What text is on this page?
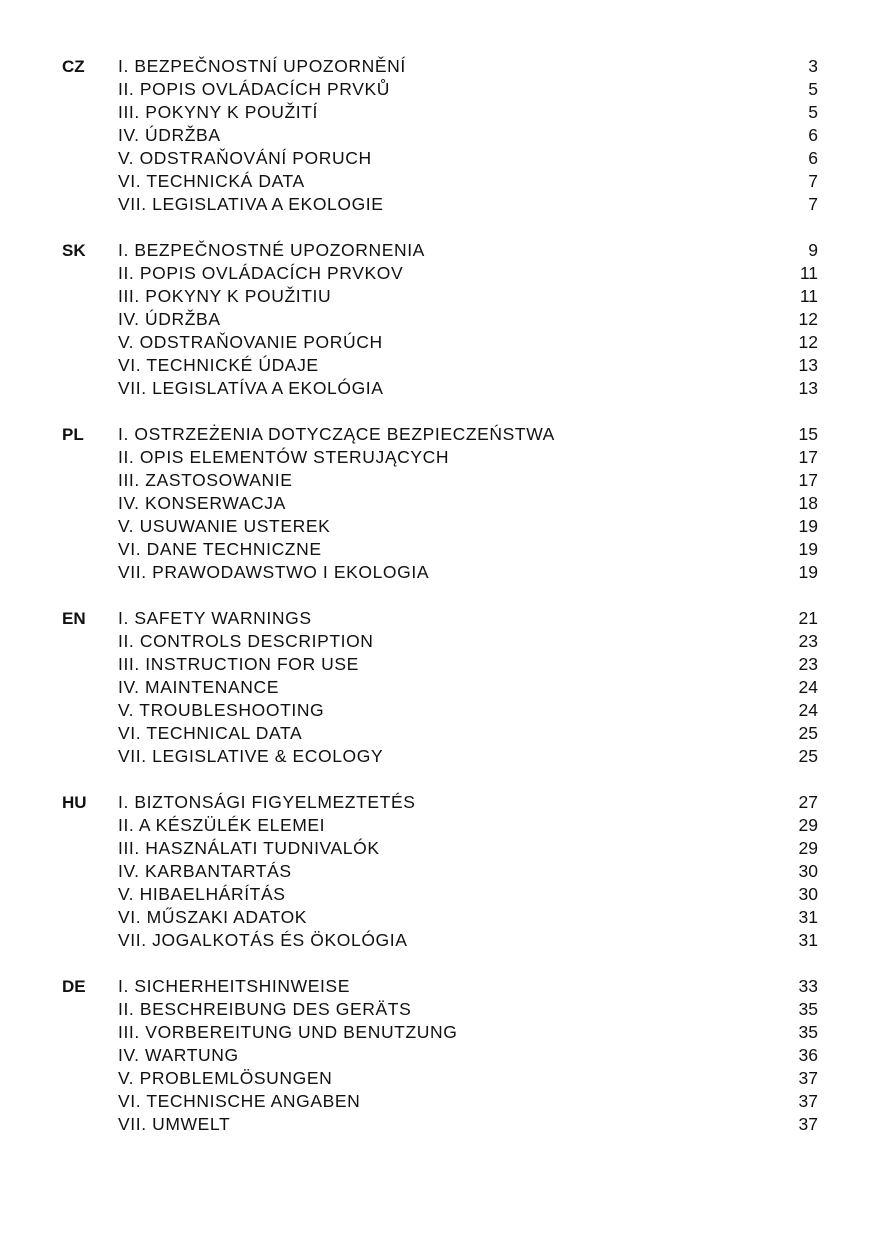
CZ I. BEZPEČNOSTNÍ UPOZORNĚNÍ	3
II. POPIS OVLÁDACÍCH PRVKŮ	5
III. POKYNY K POUŽITÍ	5
IV. ÚDRŽBA	6
V. ODSTRAŇOVÁNÍ PORUCH	6
VI. TECHNICKÁ DATA	7
VII. LEGISLATIVA A EKOLOGIE	7
SK I. BEZPEČNOSTNÉ UPOZORNENIA	9
II. POPIS OVLÁDACÍCH PRVKOV	11
III. POKYNY K POUŽITIU	11
IV. ÚDRŽBA	12
V. ODSTRAŇOVANIE PORÚCH	12
VI. TECHNICKÉ ÚDAJE	13
VII. LEGISLATÍVA A EKOLÓGIA	13
PL I. OSTRZEŻENIA DOTYCZĄCE BEZPIECZEŃSTWA	15
II. OPIS ELEMENTÓW STERUJĄCYCH	17
III. ZASTOSOWANIE	17
IV. KONSERWACJA	18
V. USUWANIE USTEREK	19
VI. DANE TECHNICZNE	19
VII. PRAWODAWSTWO I EKOLOGIA	19
EN I. SAFETY WARNINGS	21
II. CONTROLS DESCRIPTION	23
III. INSTRUCTION FOR USE	23
IV. MAINTENANCE	24
V. TROUBLESHOOTING	24
VI. TECHNICAL DATA	25
VII. LEGISLATIVE & ECOLOGY	25
HU I. BIZTONSÁGI FIGYELMEZTETÉS	27
II. A KÉSZÜLÉK ELEMEI	29
III. HASZNÁLATI TUDNIVALÓK	29
IV. KARBANTARTÁS	30
V. HIBAELHÁRÍTÁS	30
VI. MŰSZAKI ADATOK	31
VII. JOGALKOTÁS ÉS ÖKOLÓGIA	31
DE I. SICHERHEITSHINWEISE	33
II. BESCHREIBUNG DES GERÄTS	35
III. VORBEREITUNG UND BENUTZUNG	35
IV. WARTUNG	36
V. PROBLEMLÖSUNGEN	37
VI. TECHNISCHE ANGABEN	37
VII. UMWELT	37
